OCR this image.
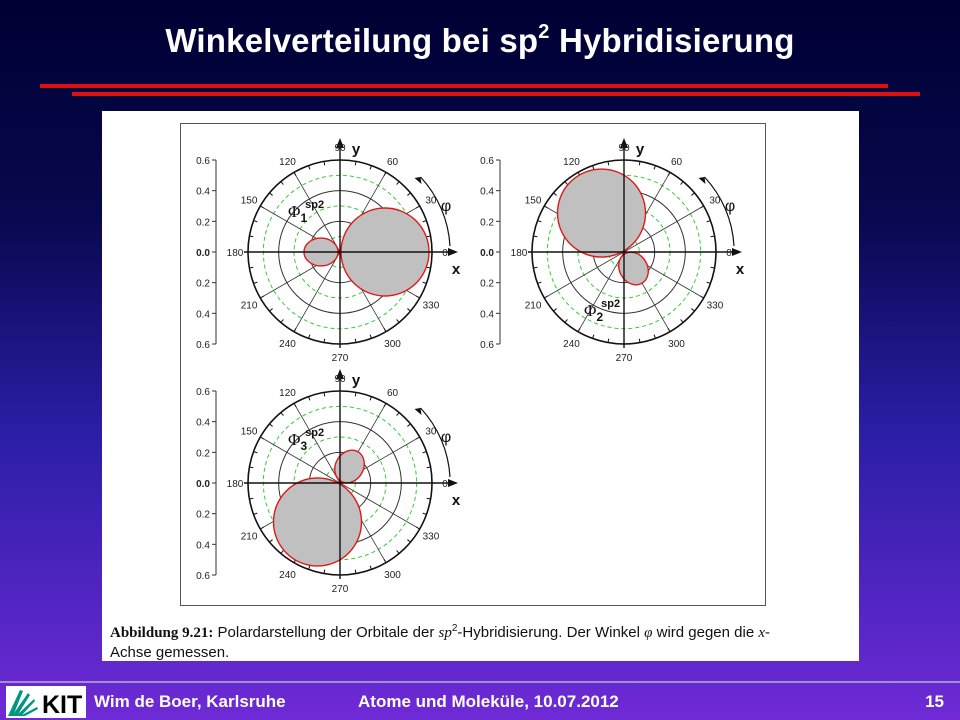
Winkelverteilung bei $sp^2$ Hybridisierung
0.6
0.4
0.2
0.0
0.2
0.4
0.6
y
x
90
60
30
0
330
300
270
240
210
180
150
120
φ
$\Phi_1sp2$
0.6
0.4
0.2
0.0
0.2
0.4
0.6
y
x
90
60
30
0
330
300
270
240
210
180
150
120
φ
$\Phi_2sp2$
0.6
0.4
0.2
0.0
0.2
0.4
0.6
y
x
90
60
30
0
330
300
270
240
210
180
150
120
φ
$\Phi_3sp2$
Abbildung 9.21: Polardarstellung der Orbitale der $sp^2$-Hybridisierung. Der Winkel φ wird gegen die x-
Achse gemessen.
KIT Wim de Boer, Karlsruhe	Atome und Moleküle, 10.07.2012	15
